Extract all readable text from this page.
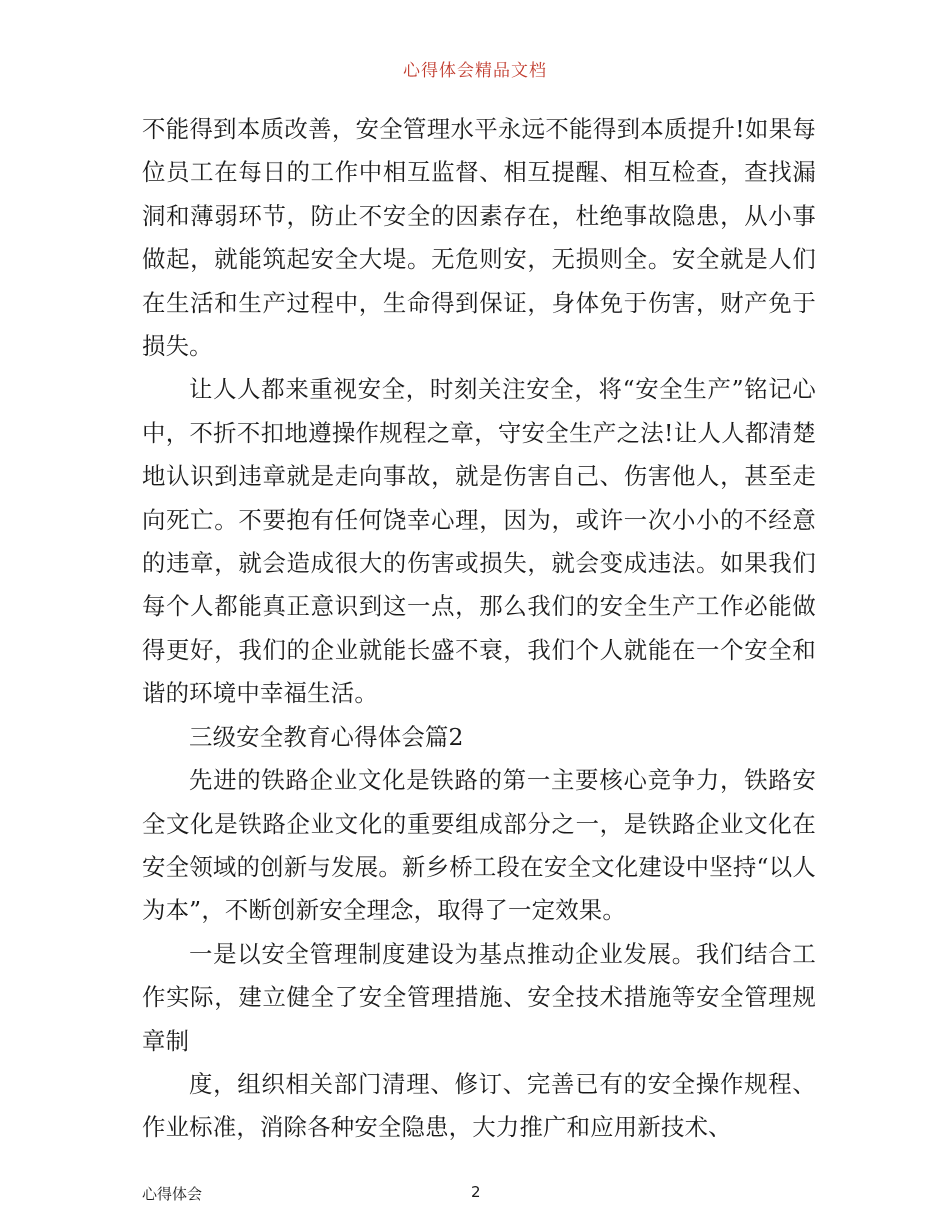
心得体会精品文档

不能得到本质改善，安全管理水平永远不能得到本质提升!如果每位员工在每日的工作中相互监督、相互提醒、相互检查，查找漏洞和薄弱环节，防止不安全的因素存在，杜绝事故隐患，从小事做起，就能筑起安全大堤。无危则安，无损则全。安全就是人们在生活和生产过程中，生命得到保证，身体免于伤害，财产免于损失。

让人人都来重视安全，时刻关注安全，将“安全生产”铭记心中，不折不扣地遵操作规程之章，守安全生产之法!让人人都清楚地认识到违章就是走向事故，就是伤害自己、伤害他人，甚至走向死亡。不要抱有任何饶幸心理，因为，或许一次小小的不经意的违章，就会造成很大的伤害或损失，就会变成违法。如果我们每个人都能真正意识到这一点，那么我们的安全生产工作必能做得更好，我们的企业就能长盛不衰，我们个人就能在一个安全和谐的环境中幸福生活。

三级安全教育心得体会篇2

先进的铁路企业文化是铁路的第一主要核心竞争力，铁路安全文化是铁路企业文化的重要组成部分之一，是铁路企业文化在安全领域的创新与发展。新乡桥工段在安全文化建设中坚持“以人为本”，不断创新安全理念，取得了一定效果。

一是以安全管理制度建设为基点推动企业发展。我们结合工作实际，建立健全了安全管理措施、安全技术措施等安全管理规章制

度，组织相关部门清理、修订、完善已有的安全操作规程、作业标准，消除各种安全隐患，大力推广和应用新技术、

心得体会	2
